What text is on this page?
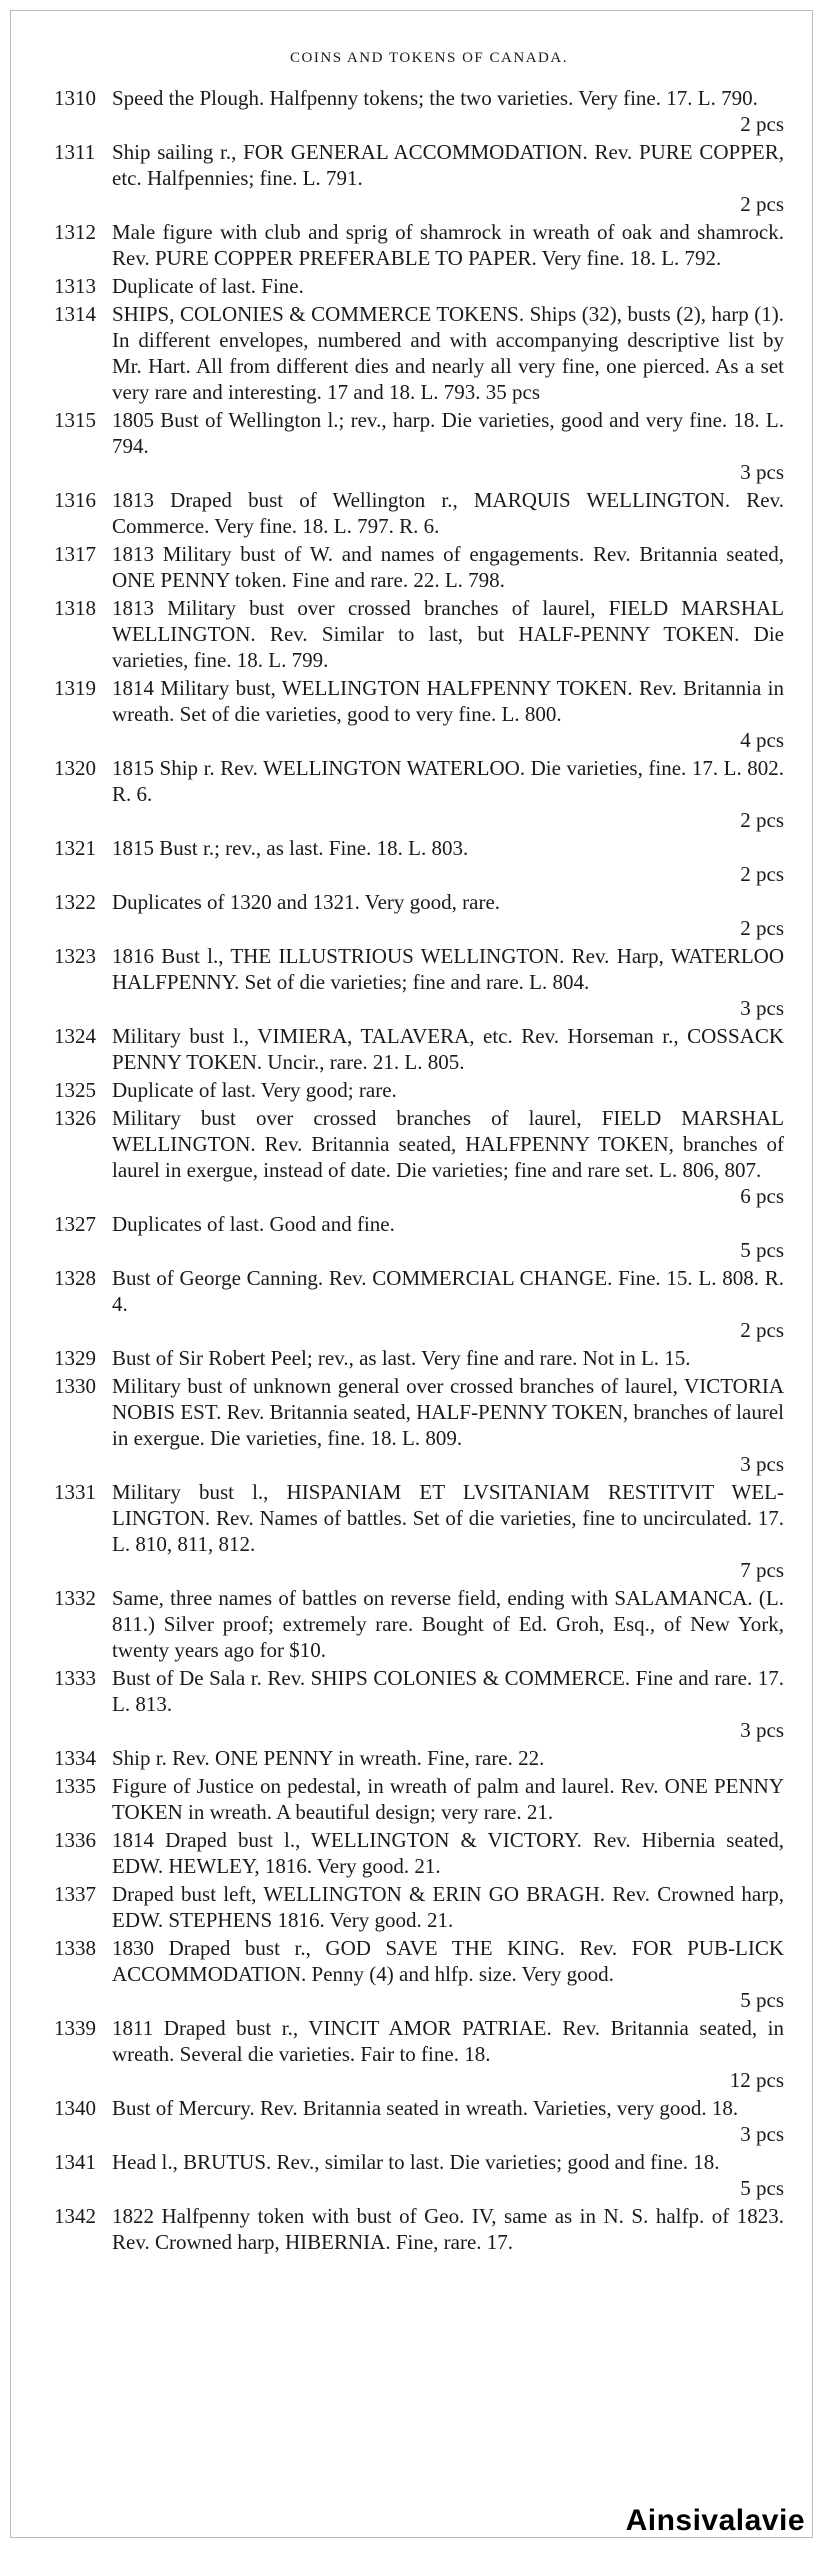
COINS AND TOKENS OF CANADA.
1310 Speed the Plough. Halfpenny tokens; the two varieties. Very fine. 17. L. 790.
2 pcs
1311 Ship sailing r., FOR GENERAL ACCOMMODATION. Rev. PURE COPPER, etc. Halfpennies; fine. L. 791.
2 pcs
1312 Male figure with club and sprig of shamrock in wreath of oak and shamrock. Rev. PURE COPPER PREFERABLE TO PAPER. Very fine. 18. L. 792.
1313 Duplicate of last. Fine.
1314 SHIPS, COLONIES & COMMERCE TOKENS. Ships (32), busts (2), harp (1). In different envelopes, numbered and with accompanying descriptive list by Mr. Hart. All from different dies and nearly all very fine, one pierced. As a set very rare and interesting. 17 and 18. L. 793. 35 pcs
1315 1805 Bust of Wellington l.; rev., harp. Die varieties, good and very fine. 18. L. 794.
3 pcs
1316 1813 Draped bust of Wellington r., MARQUIS WELLINGTON. Rev. Commerce. Very fine. 18. L. 797. R. 6.
1317 1813 Military bust of W. and names of engagements. Rev. Britannia seated, ONE PENNY token. Fine and rare. 22. L. 798.
1318 1813 Military bust over crossed branches of laurel, FIELD MARSHAL WELLINGTON. Rev. Similar to last, but HALF-PENNY TOKEN. Die varieties, fine. 18. L. 799.
1319 1814 Military bust, WELLINGTON HALFPENNY TOKEN. Rev. Britannia in wreath. Set of die varieties, good to very fine. L. 800.
4 pcs
1320 1815 Ship r. Rev. WELLINGTON WATERLOO. Die varieties, fine. 17. L. 802. R. 6.
2 pcs
1321 1815 Bust r.; rev., as last. Fine. 18. L. 803.
2 pcs
1322 Duplicates of 1320 and 1321. Very good, rare.
2 pcs
1323 1816 Bust l., THE ILLUSTRIOUS WELLINGTON. Rev. Harp, WATERLOO HALFPENNY. Set of die varieties; fine and rare. L. 804.
3 pcs
1324 Military bust l., VIMIERA, TALAVERA, etc. Rev. Horseman r., COSSACK PENNY TOKEN. Uncir., rare. 21. L. 805.
1325 Duplicate of last. Very good; rare.
1326 Military bust over crossed branches of laurel, FIELD MARSHAL WELLINGTON. Rev. Britannia seated, HALFPENNY TOKEN, branches of laurel in exergue, instead of date. Die varieties; fine and rare set. L. 806, 807.
6 pcs
1327 Duplicates of last. Good and fine.
5 pcs
1328 Bust of George Canning. Rev. COMMERCIAL CHANGE. Fine. 15. L. 808. R. 4.
2 pcs
1329 Bust of Sir Robert Peel; rev., as last. Very fine and rare. Not in L. 15.
1330 Military bust of unknown general over crossed branches of laurel, VICTORIA NOBIS EST. Rev. Britannia seated, HALF-PENNY TOKEN, branches of laurel in exergue. Die varieties, fine. 18. L. 809.
3 pcs
1331 Military bust l., HISPANIAM ET LVSITANIAM RESTITVIT WEL-LINGTON. Rev. Names of battles. Set of die varieties, fine to uncirculated. 17. L. 810, 811, 812.
7 pcs
1332 Same, three names of battles on reverse field, ending with SALAMANCA. (L. 811.) Silver proof; extremely rare. Bought of Ed. Groh, Esq., of New York, twenty years ago for $10.
1333 Bust of De Sala r. Rev. SHIPS COLONIES & COMMERCE. Fine and rare. 17. L. 813.
3 pcs
1334 Ship r. Rev. ONE PENNY in wreath. Fine, rare. 22.
1335 Figure of Justice on pedestal, in wreath of palm and laurel. Rev. ONE PENNY TOKEN in wreath. A beautiful design; very rare. 21.
1336 1814 Draped bust l., WELLINGTON & VICTORY. Rev. Hibernia seated, EDW. HEWLEY, 1816. Very good. 21.
1337 Draped bust left, WELLINGTON & ERIN GO BRAGH. Rev. Crowned harp, EDW. STEPHENS 1816. Very good. 21.
1338 1830 Draped bust r., GOD SAVE THE KING. Rev. FOR PUB-LICK ACCOMMODATION. Penny (4) and hlfp. size. Very good.
5 pcs
1339 1811 Draped bust r., VINCIT AMOR PATRIAE. Rev. Britannia seated, in wreath. Several die varieties. Fair to fine. 18.
12 pcs
1340 Bust of Mercury. Rev. Britannia seated in wreath. Varieties, very good. 18.
3 pcs
1341 Head l., BRUTUS. Rev., similar to last. Die varieties; good and fine. 18.
5 pcs
1342 1822 Halfpenny token with bust of Geo. IV, same as in N. S. halfp. of 1823. Rev. Crowned harp, HIBERNIA. Fine, rare. 17.
Ainsivalavie
